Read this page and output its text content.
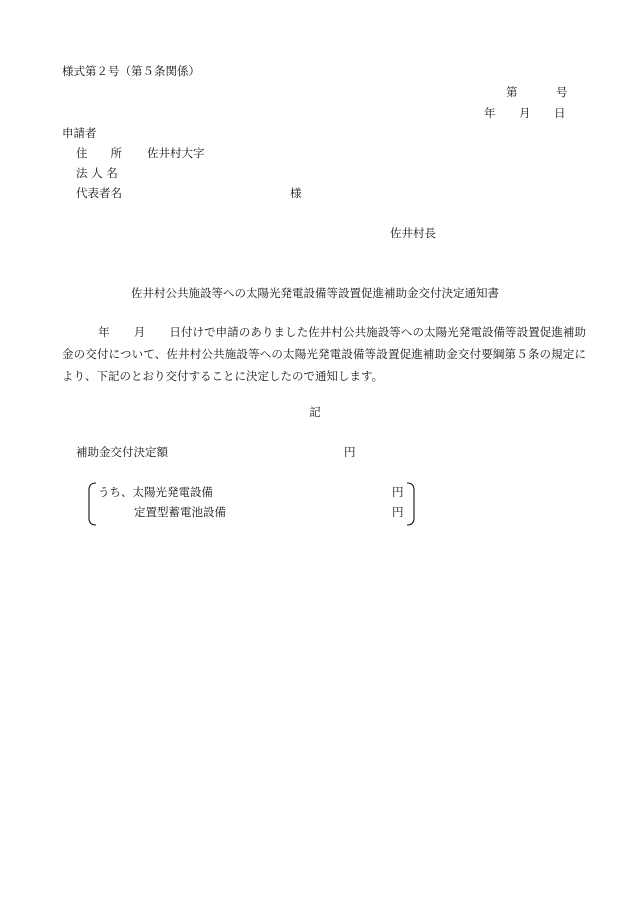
様式第２号（第５条関係）
第	号
年 月 日
申請者
住　　所 佐井村大字
法 人 名
代表者名	様
佐井村長
佐井村公共施設等への太陽光発電設備等設置促進補助金交付決定通知書
年 月 日付けで申請のありました佐井村公共施設等への太陽光発電設備等設置促進補助金の交付について、佐井村公共施設等への太陽光発電設備等設置促進補助金交付要綱第５条の規定により、下記のとおり交付することに決定したので通知します。
記
補助金交付決定額	円
うち、太陽光発電設備	円
定置型蓄電池設備	円
